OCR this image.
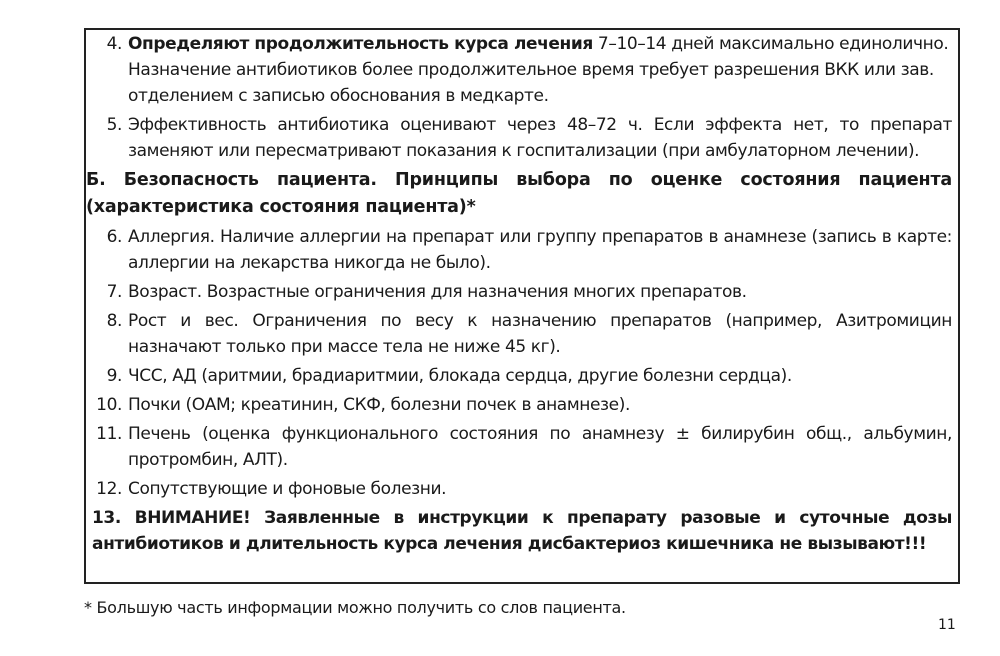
4. Определяют продолжительность курса лечения 7–10–14 дней максимально единолично. Назначение антибиотиков более продолжительное время требует разрешения ВКК или зав. отделением с записью обоснования в медкарте.
5. Эффективность антибиотика оценивают через 48–72 ч. Если эффекта нет, то препарат заменяют или пересматривают показания к госпитализации (при амбулаторном лечении).
Б. Безопасность пациента. Принципы выбора по оценке состояния пациента (характеристика состояния пациента)*
6. Аллергия. Наличие аллергии на препарат или группу препаратов в анамнезе (запись в карте: аллергии на лекарства никогда не было).
7. Возраст. Возрастные ограничения для назначения многих препаратов.
8. Рост и вес. Ограничения по весу к назначению препаратов (например, Азитромицин назначают только при массе тела не ниже 45 кг).
9. ЧСС, АД (аритмии, брадиаритмии, блокада сердца, другие болезни сердца).
10. Почки (ОАМ; креатинин, СКФ, болезни почек в анамнезе).
11. Печень (оценка функционального состояния по анамнезу ± билирубин общ., альбумин, протромбин, АЛТ).
12. Сопутствующие и фоновые болезни.
13. ВНИМАНИЕ! Заявленные в инструкции к препарату разовые и суточные дозы антибиотиков и длительность курса лечения дисбактериоз кишечника не вызывают!!!
* Большую часть информации можно получить со слов пациента.
11
